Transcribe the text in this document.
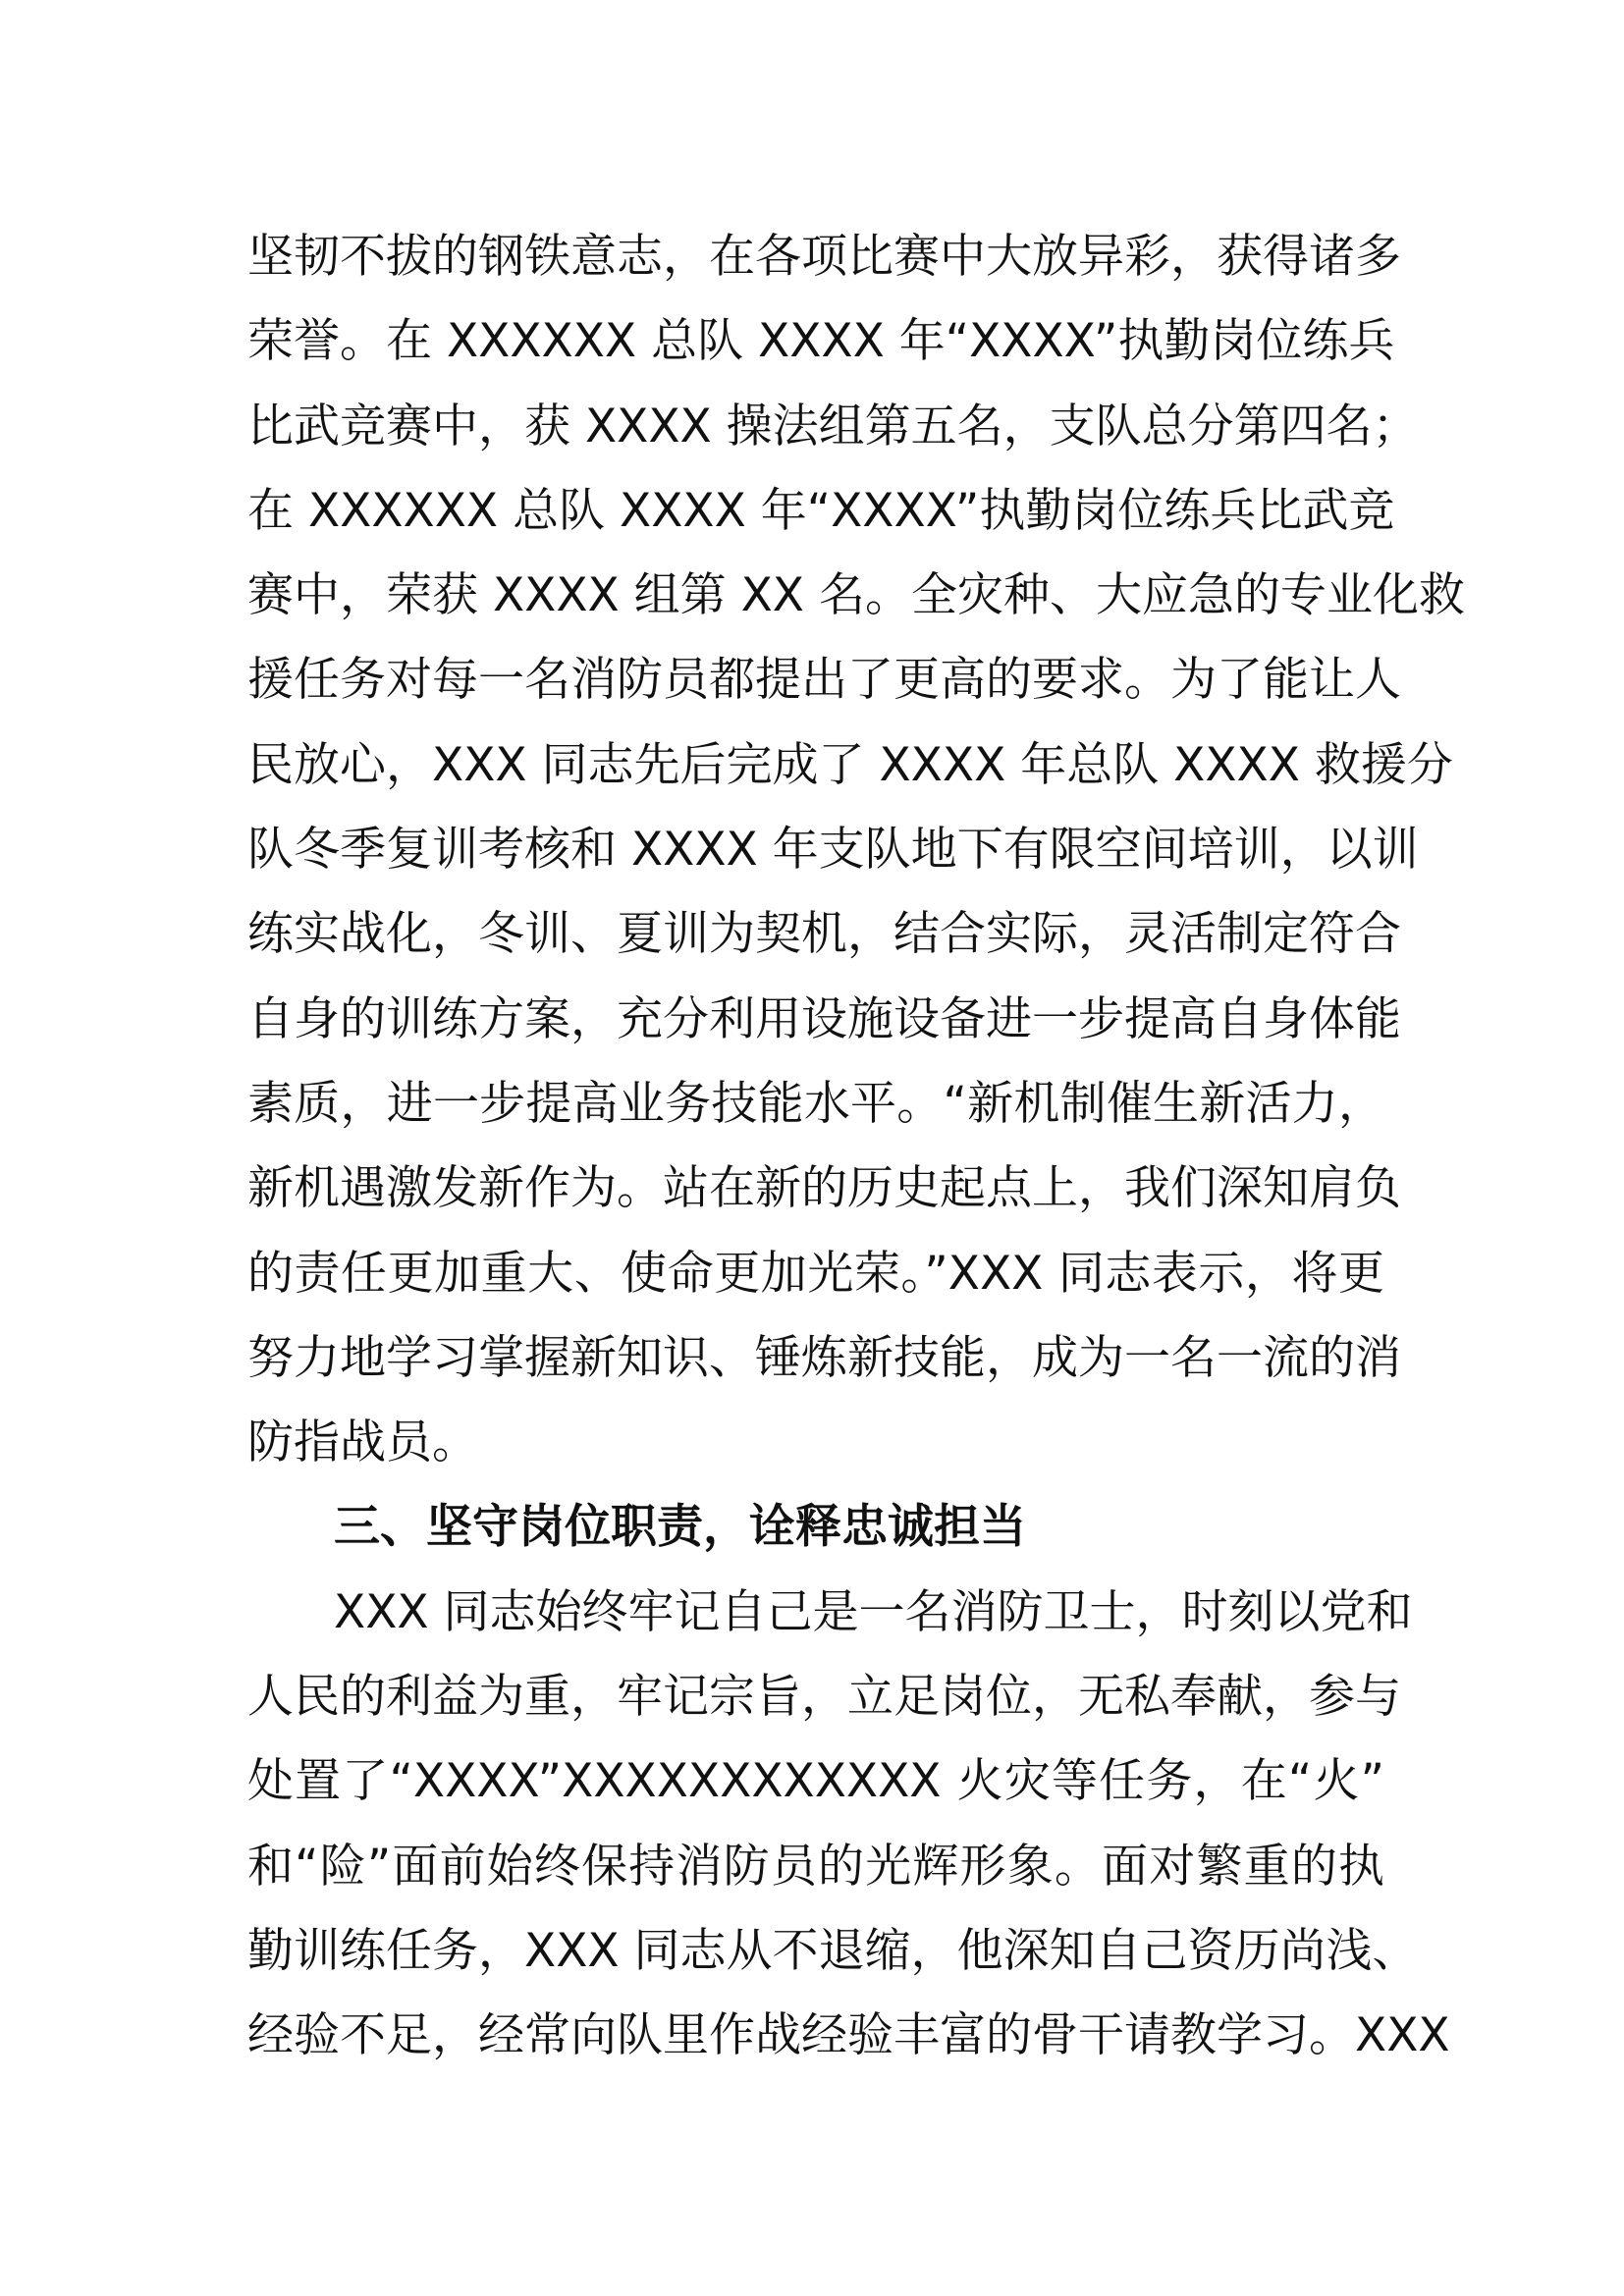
坚韧不拔的钢铁意志，在各项比赛中大放异彩，获得诸多
荣誉。在 XXXXXX 总队 XXXX 年“XXXX”执勤岗位练兵
比武竞赛中，获 XXXX 操法组第五名，支队总分第四名；
在 XXXXXX 总队 XXXX 年“XXXX”执勤岗位练兵比武竞
赛中，荣获 XXXX 组第 XX 名。全灾种、大应急的专业化救
援任务对每一名消防员都提出了更高的要求。为了能让人
民放心，XXX 同志先后完成了 XXXX 年总队 XXXX 救援分
队冬季复训考核和 XXXX 年支队地下有限空间培训，以训
练实战化，冬训、夏训为契机，结合实际，灵活制定符合
自身的训练方案，充分利用设施设备进一步提高自身体能
素质，进一步提高业务技能水平。“新机制催生新活力，
新机遇激发新作为。站在新的历史起点上，我们深知肩负
的责任更加重大、使命更加光荣。”XXX 同志表示，将更
努力地学习掌握新知识、锤炼新技能，成为一名一流的消
防指战员。
三、坚守岗位职责，诠释忠诚担当
XXX 同志始终牢记自己是一名消防卫士，时刻以党和
人民的利益为重，牢记宗旨，立足岗位，无私奉献，参与
处置了“XXXX”XXXXXXXXXXXX 火灾等任务，在“火”
和“险”面前始终保持消防员的光辉形象。面对繁重的执
勤训练任务，XXX 同志从不退缩，他深知自己资历尚浅、
经验不足，经常向队里作战经验丰富的骨干请教学习。XXX
